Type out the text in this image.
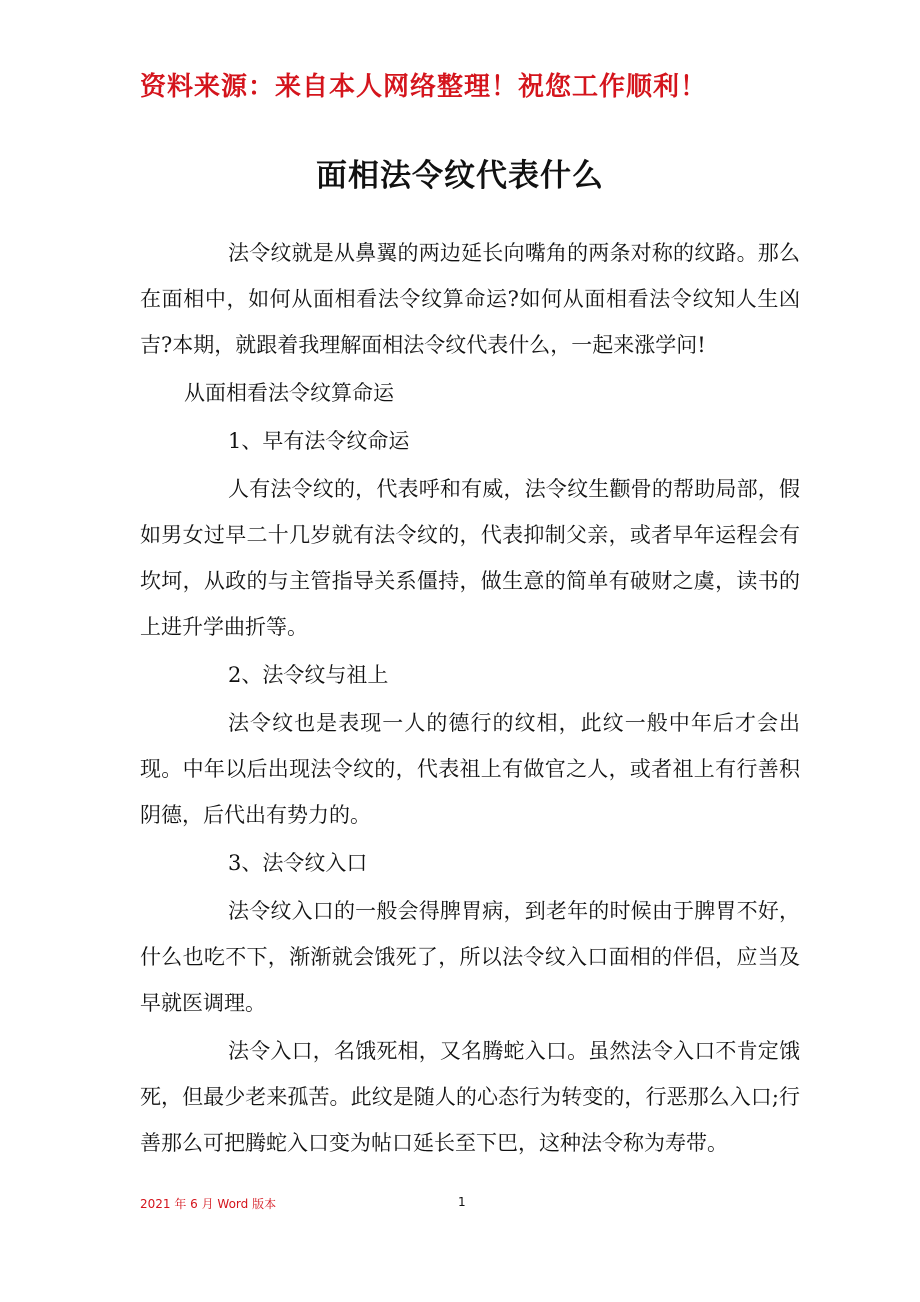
资料来源：来自本人网络整理！祝您工作顺利！
面相法令纹代表什么

法令纹就是从鼻翼的两边延长向嘴角的两条对称的纹路。那么在面相中，如何从面相看法令纹算命运?如何从面相看法令纹知人生凶吉?本期，就跟着我理解面相法令纹代表什么，一起来涨学问!

从面相看法令纹算命运

1、早有法令纹命运

人有法令纹的，代表呼和有威，法令纹生颧骨的帮助局部，假如男女过早二十几岁就有法令纹的，代表抑制父亲，或者早年运程会有坎坷，从政的与主管指导关系僵持，做生意的简单有破财之虞，读书的上进升学曲折等。

2、法令纹与祖上

法令纹也是表现一人的德行的纹相，此纹一般中年后才会出现。中年以后出现法令纹的，代表祖上有做官之人，或者祖上有行善积阴德，后代出有势力的。

3、法令纹入口

法令纹入口的一般会得脾胃病，到老年的时候由于脾胃不好，什么也吃不下，渐渐就会饿死了，所以法令纹入口面相的伴侣，应当及早就医调理。

法令入口，名饿死相，又名腾蛇入口。虽然法令入口不肯定饿死，但最少老来孤苦。此纹是随人的心态行为转变的，行恶那么入口;行善那么可把腾蛇入口变为帖口延长至下巴，这种法令称为寿带。

2021 年 6 月 Word 版本	1
